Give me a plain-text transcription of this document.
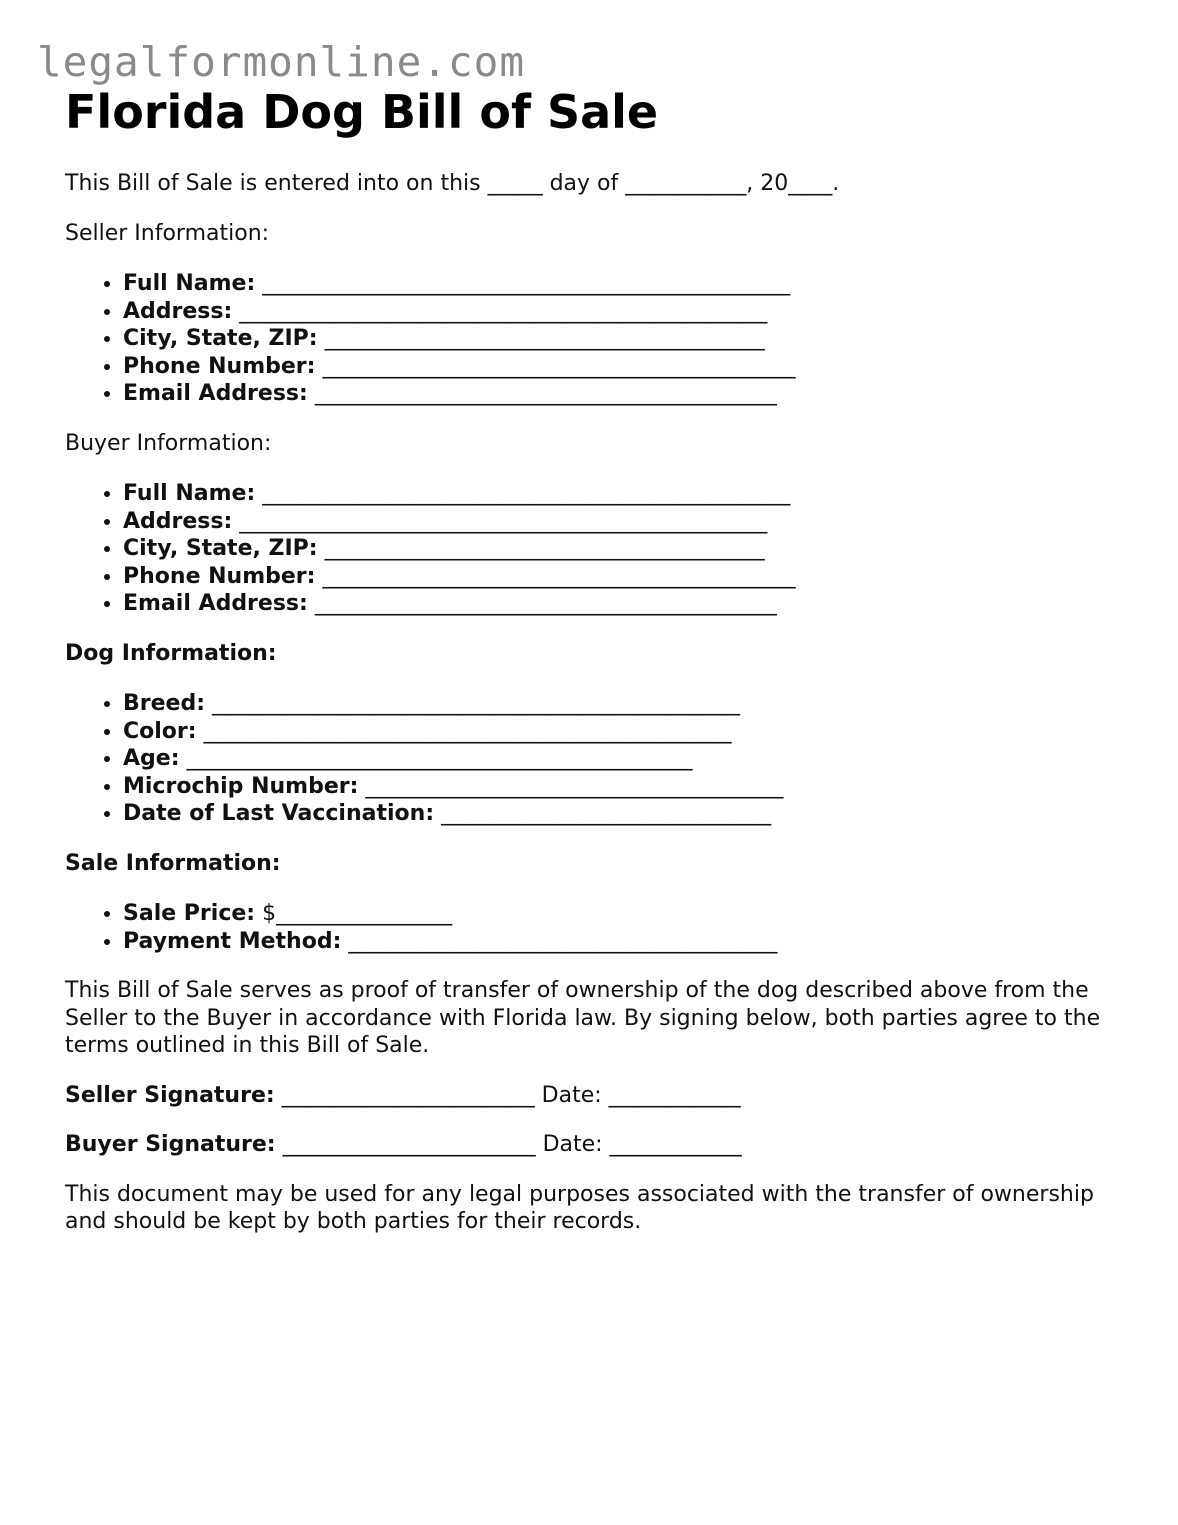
legalformonline.com
Florida Dog Bill of Sale

This Bill of Sale is entered into on this _____ day of ___________, 20____.

Seller Information:

• Full Name: ________________________________________________
• Address: ________________________________________________
• City, State, ZIP: ________________________________________
• Phone Number: ___________________________________________
• Email Address: __________________________________________

Buyer Information:

• Full Name: ________________________________________________
• Address: ________________________________________________
• City, State, ZIP: ________________________________________
• Phone Number: ___________________________________________
• Email Address: __________________________________________

Dog Information:

• Breed: ________________________________________________
• Color: ________________________________________________
• Age: ______________________________________________
• Microchip Number: ______________________________________
• Date of Last Vaccination: ______________________________

Sale Information:

• Sale Price: $________________
• Payment Method: _______________________________________

This Bill of Sale serves as proof of transfer of ownership of the dog described above from the Seller to the Buyer in accordance with Florida law. By signing below, both parties agree to the terms outlined in this Bill of Sale.

Seller Signature: _______________________ Date: ____________
Buyer Signature: _______________________ Date: ____________

This document may be used for any legal purposes associated with the transfer of ownership and should be kept by both parties for their records.
